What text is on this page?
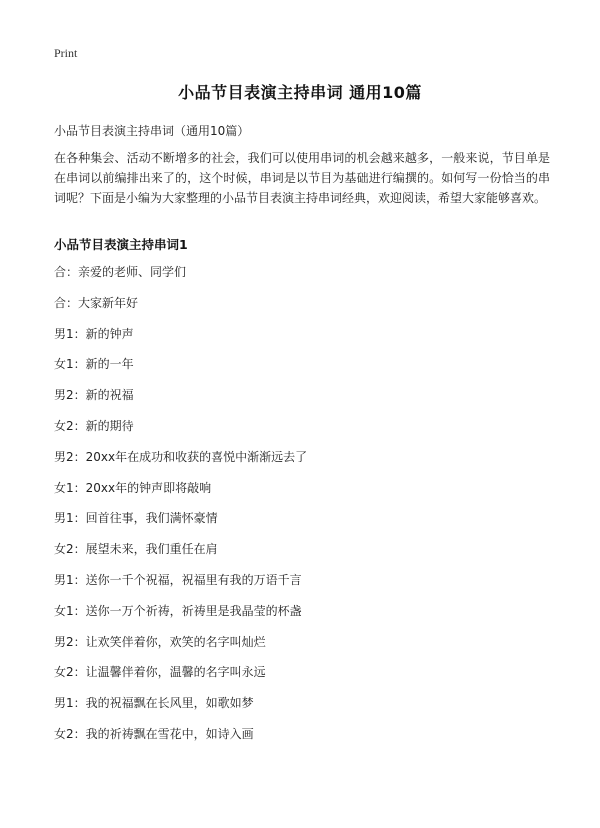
Print
小品节目表演主持串词 通用10篇
小品节目表演主持串词（通用10篇）
在各种集会、活动不断增多的社会，我们可以使用串词的机会越来越多，一般来说，节目单是在串词以前编排出来了的，这个时候，串词是以节目为基础进行编撰的。如何写一份恰当的串词呢？下面是小编为大家整理的小品节目表演主持串词经典，欢迎阅读，希望大家能够喜欢。
小品节目表演主持串词1
合：亲爱的老师、同学们
合：大家新年好
男1：新的钟声
女1：新的一年
男2：新的祝福
女2：新的期待
男2：20xx年在成功和收获的喜悦中渐渐远去了
女1：20xx年的钟声即将敲响
男1：回首往事，我们满怀豪情
女2：展望未来，我们重任在肩
男1：送你一千个祝福，祝福里有我的万语千言
女1：送你一万个祈祷，祈祷里是我晶莹的杯盏
男2：让欢笑伴着你，欢笑的名字叫灿烂
女2：让温馨伴着你，温馨的名字叫永远
男1：我的祝福飘在长风里，如歌如梦
女2：我的祈祷飘在雪花中，如诗入画
